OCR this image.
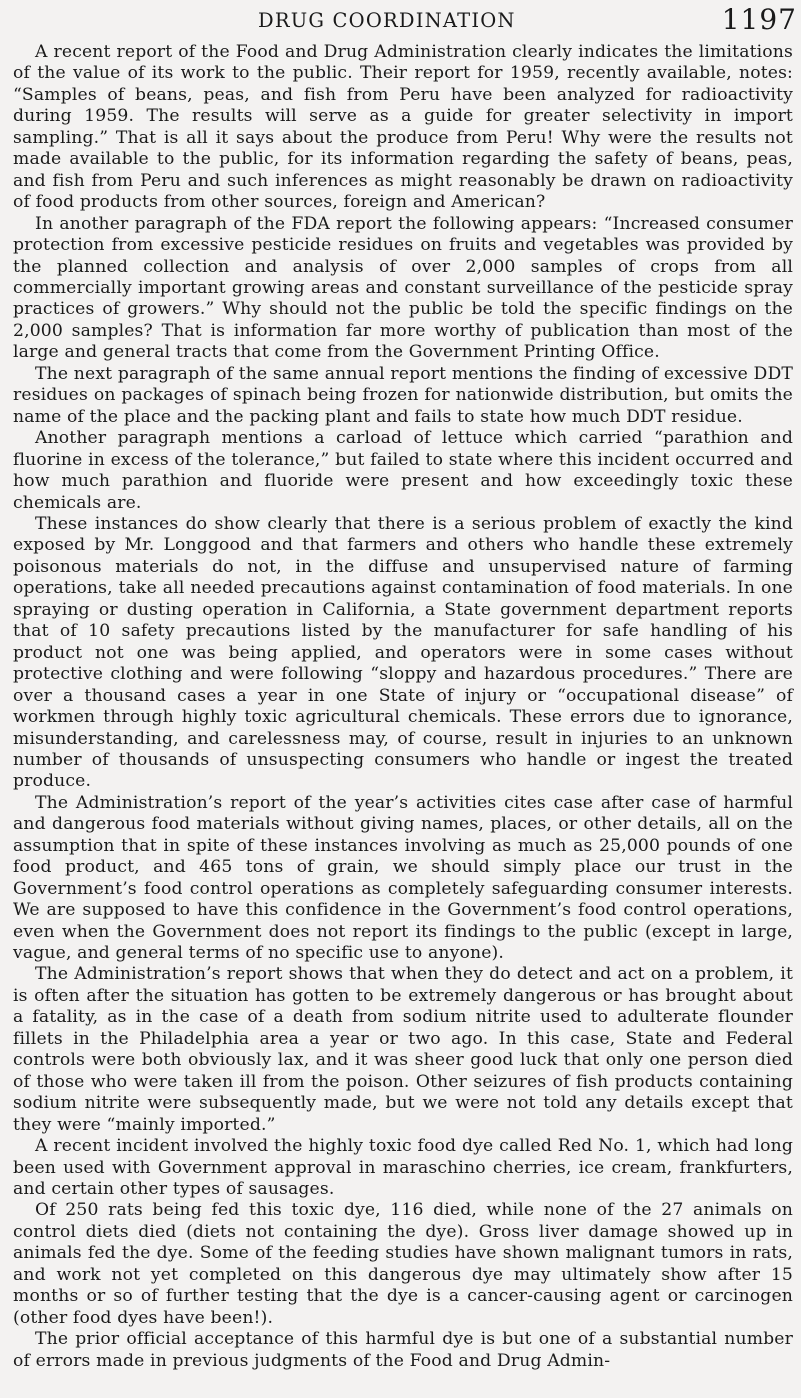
DRUG COORDINATION	1197

A recent report of the Food and Drug Administration clearly indicates the limitations of the value of its work to the public. Their report for 1959, recently available, notes: “Samples of beans, peas, and fish from Peru have been analyzed for radioactivity during 1959. The results will serve as a guide for greater selectivity in import sampling.” That is all it says about the produce from Peru! Why were the results not made available to the public, for its information regarding the safety of beans, peas, and fish from Peru and such inferences as might reasonably be drawn on radioactivity of food products from other sources, foreign and American?

In another paragraph of the FDA report the following appears: “Increased consumer protection from excessive pesticide residues on fruits and vegetables was provided by the planned collection and analysis of over 2,000 samples of crops from all commercially important growing areas and constant surveillance of the pesticide spray practices of growers.” Why should not the public be told the specific findings on the 2,000 samples? That is information far more worthy of publication than most of the large and general tracts that come from the Government Printing Office.

The next paragraph of the same annual report mentions the finding of excessive DDT residues on packages of spinach being frozen for nationwide distribution, but omits the name of the place and the packing plant and fails to state how much DDT residue.

Another paragraph mentions a carload of lettuce which carried “parathion and fluorine in excess of the tolerance,” but failed to state where this incident occurred and how much parathion and fluoride were present and how exceedingly toxic these chemicals are.

These instances do show clearly that there is a serious problem of exactly the kind exposed by Mr. Longgood and that farmers and others who handle these extremely poisonous materials do not, in the diffuse and unsupervised nature of farming operations, take all needed precautions against contamination of food materials. In one spraying or dusting operation in California, a State government department reports that of 10 safety precautions listed by the manufacturer for safe handling of his product not one was being applied, and operators were in some cases without protective clothing and were following “sloppy and hazardous procedures.” There are over a thousand cases a year in one State of injury or “occupational disease” of workmen through highly toxic agricultural chemicals. These errors due to ignorance, misunderstanding, and carelessness may, of course, result in injuries to an unknown number of thousands of unsuspecting consumers who handle or ingest the treated produce.

The Administration’s report of the year’s activities cites case after case of harmful and dangerous food materials without giving names, places, or other details, all on the assumption that in spite of these instances involving as much as 25,000 pounds of one food product, and 465 tons of grain, we should simply place our trust in the Government’s food control operations as completely safeguarding consumer interests. We are supposed to have this confidence in the Government’s food control operations, even when the Government does not report its findings to the public (except in large, vague, and general terms of no specific use to anyone).

The Administration’s report shows that when they do detect and act on a problem, it is often after the situation has gotten to be extremely dangerous or has brought about a fatality, as in the case of a death from sodium nitrite used to adulterate flounder fillets in the Philadelphia area a year or two ago. In this case, State and Federal controls were both obviously lax, and it was sheer good luck that only one person died of those who were taken ill from the poison. Other seizures of fish products containing sodium nitrite were subsequently made, but we were not told any details except that they were “mainly imported.”

A recent incident involved the highly toxic food dye called Red No. 1, which had long been used with Government approval in maraschino cherries, ice cream, frankfurters, and certain other types of sausages.

Of 250 rats being fed this toxic dye, 116 died, while none of the 27 animals on control diets died (diets not containing the dye). Gross liver damage showed up in animals fed the dye. Some of the feeding studies have shown malignant tumors in rats, and work not yet completed on this dangerous dye may ultimately show after 15 months or so of further testing that the dye is a cancer-causing agent or carcinogen (other food dyes have been!).

The prior official acceptance of this harmful dye is but one of a substantial number of errors made in previous judgments of the Food and Drug Admin-
